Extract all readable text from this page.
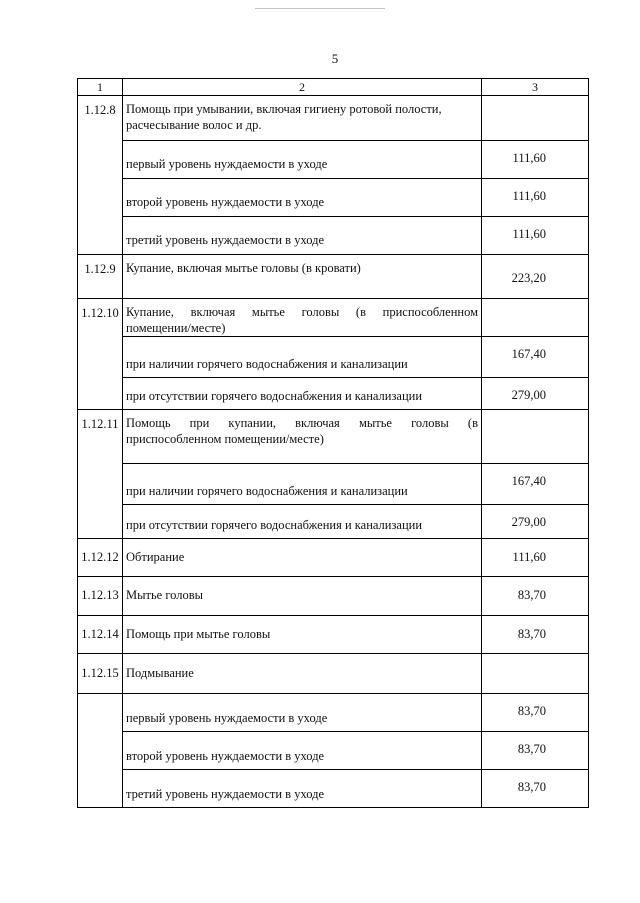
5
1	2	3
1.12.8	Помощь при умывании, включая гигиену ротовой полости, расчесывание волос и др.	
	первый уровень нуждаемости в уходе	111,60
	второй уровень нуждаемости в уходе	111,60
	третий уровень нуждаемости в уходе	111,60
1.12.9	Купание, включая мытье головы (в кровати)	223,20
1.12.10	Купание, включая мытье головы (в приспособленном помещении/месте)	
	при наличии горячего водоснабжения и канализации	167,40
	при отсутствии горячего водоснабжения и канализации	279,00
1.12.11	Помощь при купании, включая мытье головы (в приспособленном помещении/месте)	
	при наличии горячего водоснабжения и канализации	167,40
	при отсутствии горячего водоснабжения и канализации	279,00
1.12.12	Обтирание	111,60
1.12.13	Мытье головы	83,70
1.12.14	Помощь при мытье головы	83,70
1.12.15	Подмывание	
	первый уровень нуждаемости в уходе	83,70
	второй уровень нуждаемости в уходе	83,70
	третий уровень нуждаемости в уходе	83,70
